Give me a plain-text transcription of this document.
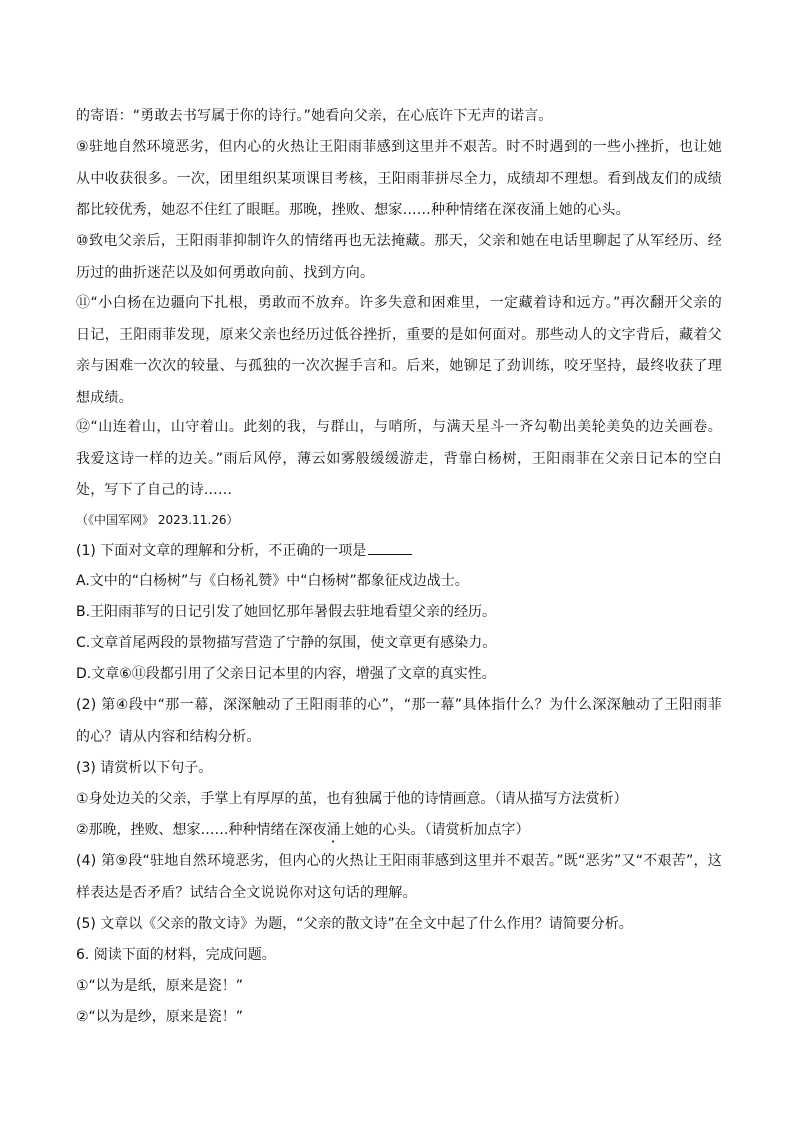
的寄语：“勇敢去书写属于你的诗行。”她看向父亲，在心底许下无声的诺言。

⑨驻地自然环境恶劣，但内心的火热让王阳雨菲感到这里并不艰苦。时不时遇到的一些小挫折，也让她从中收获很多。一次，团里组织某项课目考核，王阳雨菲拼尽全力，成绩却不理想。看到战友们的成绩都比较优秀，她忍不住红了眼眶。那晚，挫败、想家……种种情绪在深夜涌上她的心头。

⑩致电父亲后，王阳雨菲抑制许久的情绪再也无法掩藏。那天，父亲和她在电话里聊起了从军经历、经历过的曲折迷茫以及如何勇敢向前、找到方向。

⑪“小白杨在边疆向下扎根，勇敢而不放弃。许多失意和困难里，一定藏着诗和远方。”再次翻开父亲的日记，王阳雨菲发现，原来父亲也经历过低谷挫折，重要的是如何面对。那些动人的文字背后，藏着父亲与困难一次次的较量、与孤独的一次次握手言和。后来，她铆足了劲训练，咬牙坚持，最终收获了理想成绩。

⑫“山连着山，山守着山。此刻的我，与群山，与哨所，与满天星斗一齐勾勒出美轮美奂的边关画卷。我爱这诗一样的边关。”雨后风停，薄云如雾般缓缓游走，背靠白杨树，王阳雨菲在父亲日记本的空白处，写下了自己的诗……

（《中国军网》 2023.11.26）

(1) 下面对文章的理解和分析，不正确的一项是

A.文中的“白杨树”与《白杨礼赞》中“白杨树”都象征戍边战士。

B.王阳雨菲写的日记引发了她回忆那年暑假去驻地看望父亲的经历。

C.文章首尾两段的景物描写营造了宁静的氛围，使文章更有感染力。

D.文章⑥⑪段都引用了父亲日记本里的内容，增强了文章的真实性。

(2) 第④段中“那一幕，深深触动了王阳雨菲的心”，“那一幕”具体指什么？为什么深深触动了王阳雨菲的心？请从内容和结构分析。

(3) 请赏析以下句子。

①身处边关的父亲，手掌上有厚厚的茧，也有独属于他的诗情画意。（请从描写方法赏析）

②那晚，挫败、想家……种种情绪在深夜涌上她的心头。（请赏析加点字）

(4) 第⑨段“驻地自然环境恶劣，但内心的火热让王阳雨菲感到这里并不艰苦。”既“恶劣”又“不艰苦”，这样表达是否矛盾？试结合全文说说你对这句话的理解。

(5) 文章以《父亲的散文诗》为题，“父亲的散文诗”在全文中起了什么作用？请简要分析。

6. 阅读下面的材料，完成问题。

①“以为是纸，原来是瓷！”

②“以为是纱，原来是瓷！”
